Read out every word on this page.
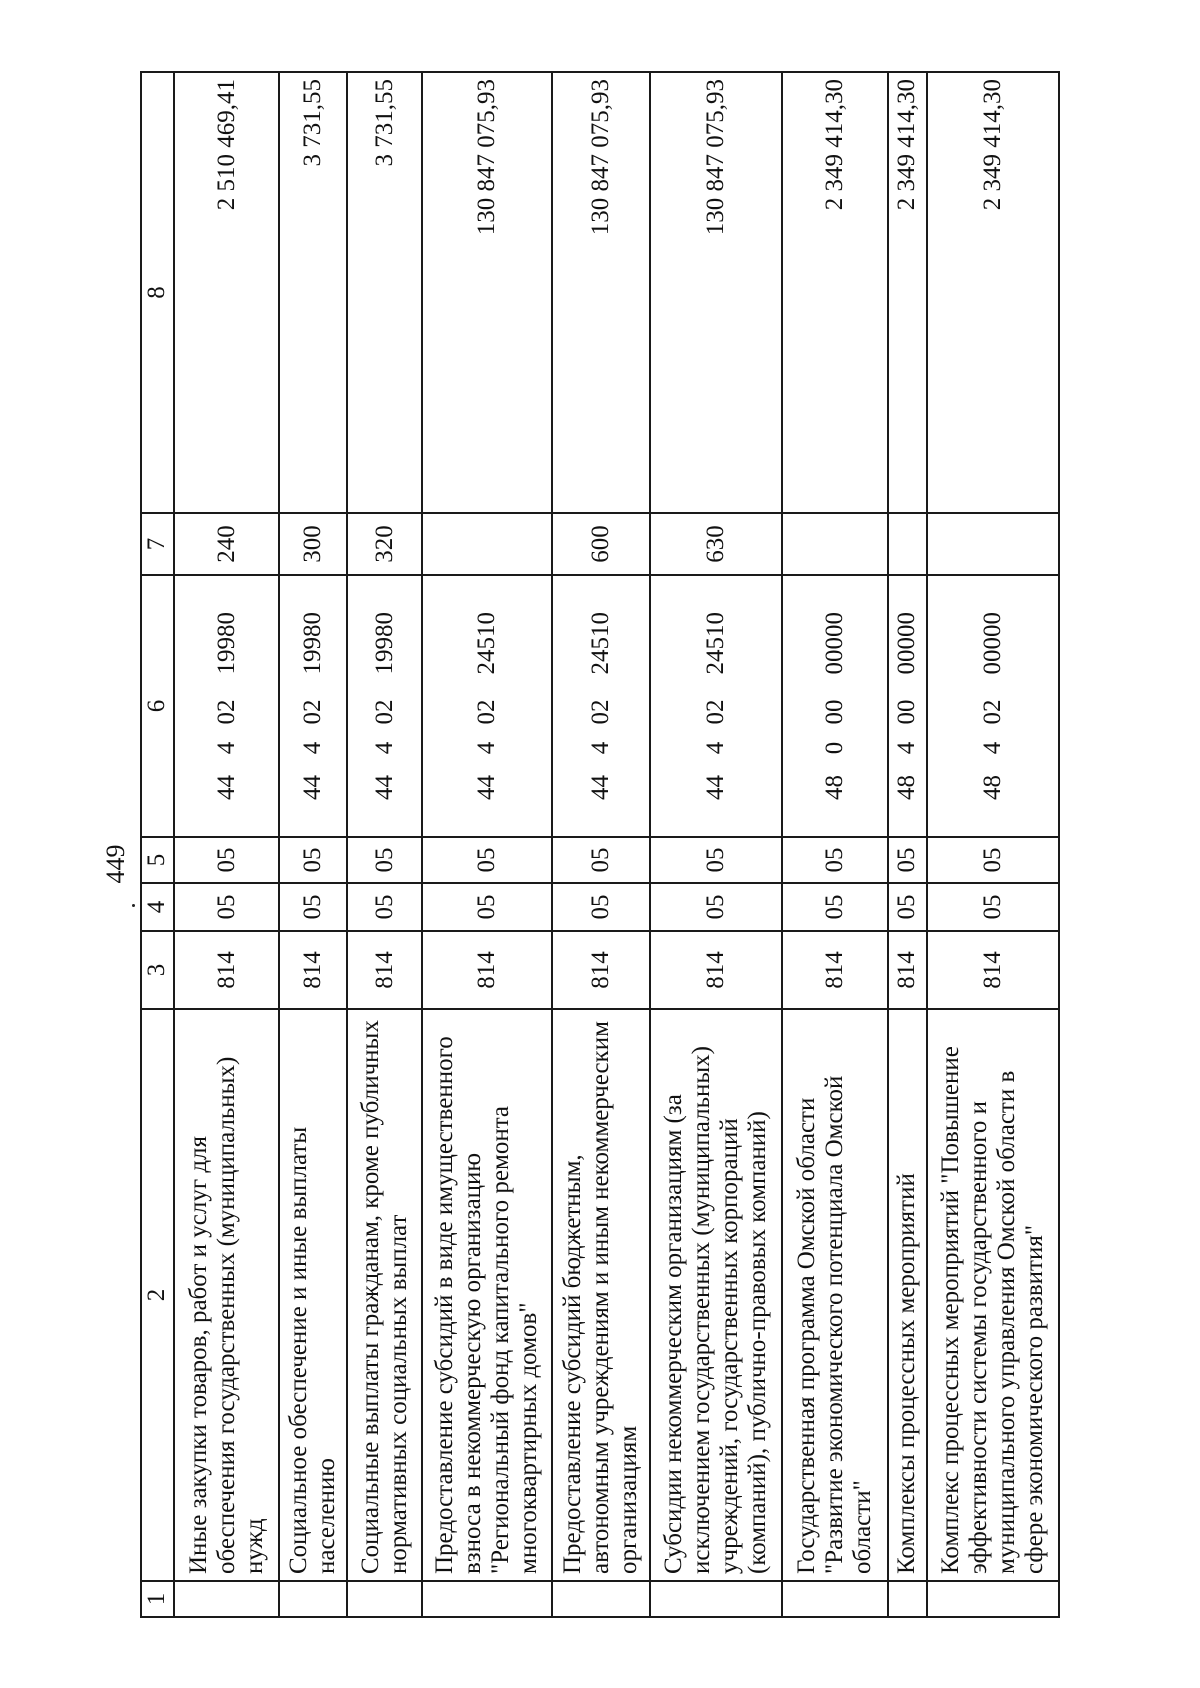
449
1	2	3	4	5	6	7	8
	Иные закупки товаров, работ и услуг для обеспечения государственных (муниципальных) нужд	814	05	05	4440219980	240	2 510 469,41
	Социальное обеспечение и иные выплаты населению	814	05	05	4440219980	300	3 731,55
	Социальные выплаты гражданам, кроме публичных нормативных социальных выплат	814	05	05	4440219980	320	3 731,55
	Предоставление субсидий в виде имущественного взноса в некоммерческую организацию "Региональный фонд капитального ремонта многоквартирных домов"	814	05	05	4440224510		130 847 075,93
	Предоставление субсидий бюджетным, автономным учреждениям и иным некоммерческим организациям	814	05	05	4440224510	600	130 847 075,93
	Субсидии некоммерческим организациям (за исключением государственных (муниципальных) учреждений, государственных корпораций (компаний), публично-правовых компаний)	814	05	05	4440224510	630	130 847 075,93
	Государственная программа Омской области "Развитие экономического потенциала Омской области"	814	05	05	4800000000		2 349 414,30
	Комплексы процессных мероприятий	814	05	05	4840000000		2 349 414,30
	Комплекс процессных мероприятий "Повышение эффективности системы государственного и муниципального управления Омской области в сфере экономического развития"	814	05	05	4840200000		2 349 414,30
